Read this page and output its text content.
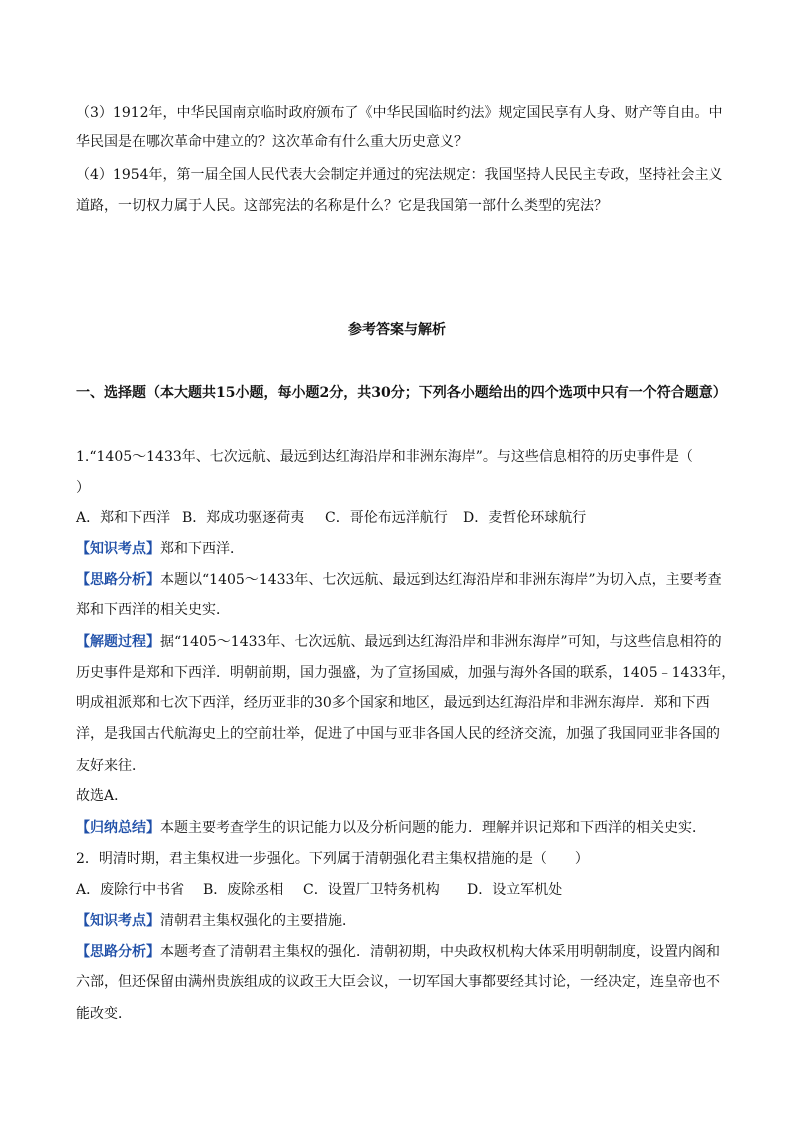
（3）1912年，中华民国南京临时政府颁布了《中华民国临时约法》规定国民享有人身、财产等自由。中
华民国是在哪次革命中建立的？这次革命有什么重大历史意义？
（4）1954年，第一届全国人民代表大会制定并通过的宪法规定：我国坚持人民民主专政，坚持社会主义
道路，一切权力属于人民。这部宪法的名称是什么？它是我国第一部什么类型的宪法？
参考答案与解析
一、选择题（本大题共15小题，每小题2分，共30分；下列各小题给出的四个选项中只有一个符合题意）
1.“1405～1433年、七次远航、最远到达红海沿岸和非洲东海岸”。与这些信息相符的历史事件是（
）
A．郑和下西洋 B．郑成功驱逐荷夷 C．哥伦布远洋航行 D．麦哲伦环球航行
【知识考点】郑和下西洋．
【思路分析】本题以“1405～1433年、七次远航、最远到达红海沿岸和非洲东海岸”为切入点，主要考查
郑和下西洋的相关史实．
【解题过程】据“1405～1433年、七次远航、最远到达红海沿岸和非洲东海岸”可知，与这些信息相符的
历史事件是郑和下西洋．明朝前期，国力强盛，为了宣扬国威，加强与海外各国的联系，1405﹣1433年，
明成祖派郑和七次下西洋，经历亚非的30多个国家和地区，最远到达红海沿岸和非洲东海岸．郑和下西
洋，是我国古代航海史上的空前壮举，促进了中国与亚非各国人民的经济交流，加强了我国同亚非各国的
友好来往．
故选A．
【归纳总结】本题主要考查学生的识记能力以及分析问题的能力．理解并识记郑和下西洋的相关史实．
2．明清时期，君主集权进一步强化。下列属于清朝强化君主集权措施的是（　　）
A．废除行中书省 B．废除丞相 C．设置厂卫特务机构 D．设立军机处
【知识考点】清朝君主集权强化的主要措施．
【思路分析】本题考查了清朝君主集权的强化．清朝初期，中央政权机构大体采用明朝制度，设置内阁和
六部，但还保留由满州贵族组成的议政王大臣会议，一切军国大事都要经其讨论，一经决定，连皇帝也不
能改变．
